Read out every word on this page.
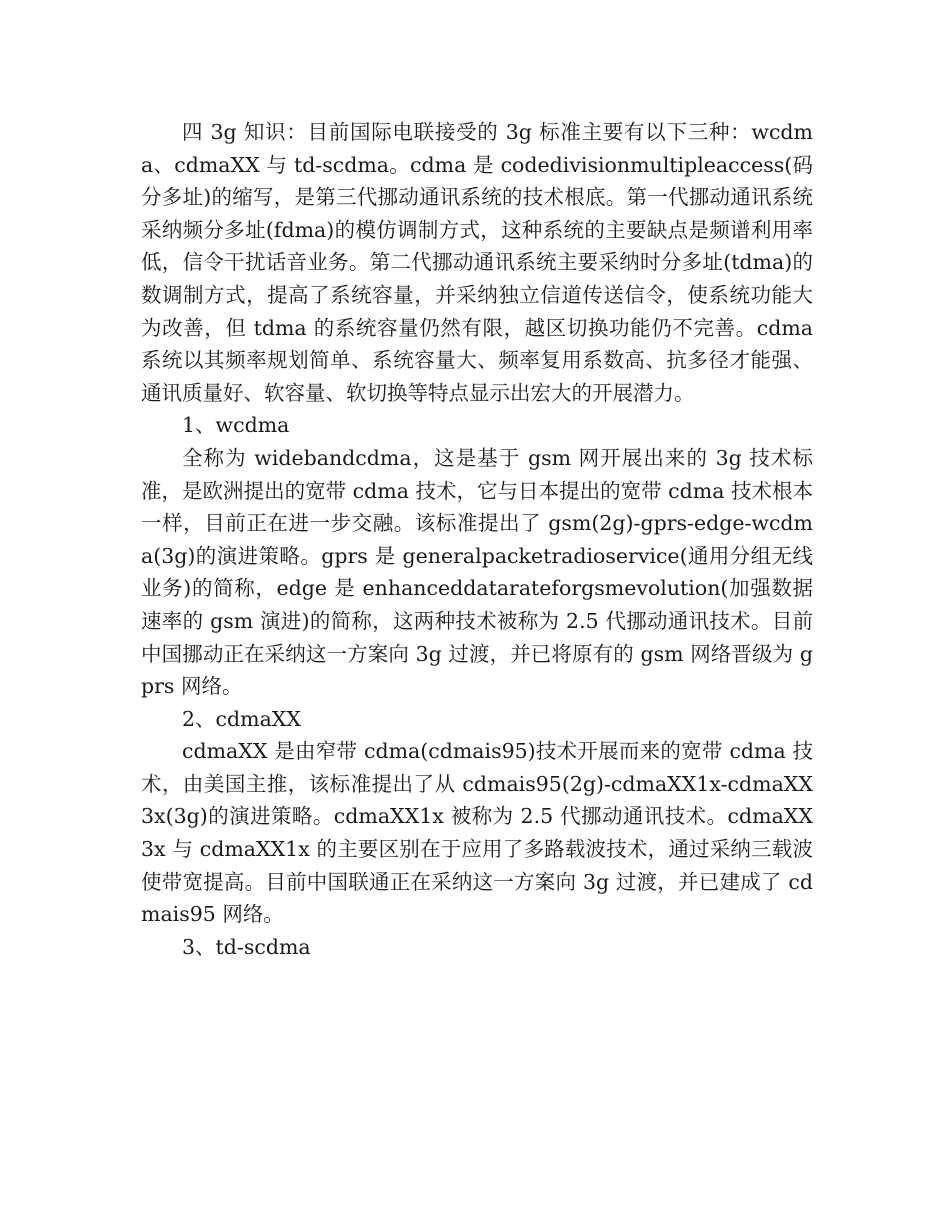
四 3g 知识：目前国际电联接受的 3g 标准主要有以下三种：wcdma、cdmaXX 与 td-scdma。cdma 是 codedivisionmultipleaccess(码分多址)的缩写，是第三代挪动通讯系统的技术根底。第一代挪动通讯系统采纳频分多址(fdma)的模仿调制方式，这种系统的主要缺点是频谱利用率低，信令干扰话音业务。第二代挪动通讯系统主要采纳时分多址(tdma)的数调制方式，提高了系统容量，并采纳独立信道传送信令，使系统功能大为改善，但 tdma 的系统容量仍然有限，越区切换功能仍不完善。cdma 系统以其频率规划简单、系统容量大、频率复用系数高、抗多径才能强、通讯质量好、软容量、软切换等特点显示出宏大的开展潜力。

1、wcdma

全称为 widebandcdma，这是基于 gsm 网开展出来的 3g 技术标准，是欧洲提出的宽带 cdma 技术，它与日本提出的宽带 cdma 技术根本一样，目前正在进一步交融。该标准提出了 gsm(2g)-gprs-edge-wcdma(3g)的演进策略。gprs 是 generalpacketradioservice(通用分组无线业务)的简称，edge 是 enhanceddatarateforgsmevolution(加强数据速率的 gsm 演进)的简称，这两种技术被称为 2.5 代挪动通讯技术。目前中国挪动正在采纳这一方案向 3g 过渡，并已将原有的 gsm 网络晋级为 gprs 网络。

2、cdmaXX

cdmaXX 是由窄带 cdma(cdmais95)技术开展而来的宽带 cdma 技术，由美国主推，该标准提出了从 cdmais95(2g)-cdmaXX1x-cdmaXX3x(3g)的演进策略。cdmaXX1x 被称为 2.5 代挪动通讯技术。cdmaXX3x 与 cdmaXX1x 的主要区别在于应用了多路载波技术，通过采纳三载波使带宽提高。目前中国联通正在采纳这一方案向 3g 过渡，并已建成了 cdmais95 网络。

3、td-scdma
